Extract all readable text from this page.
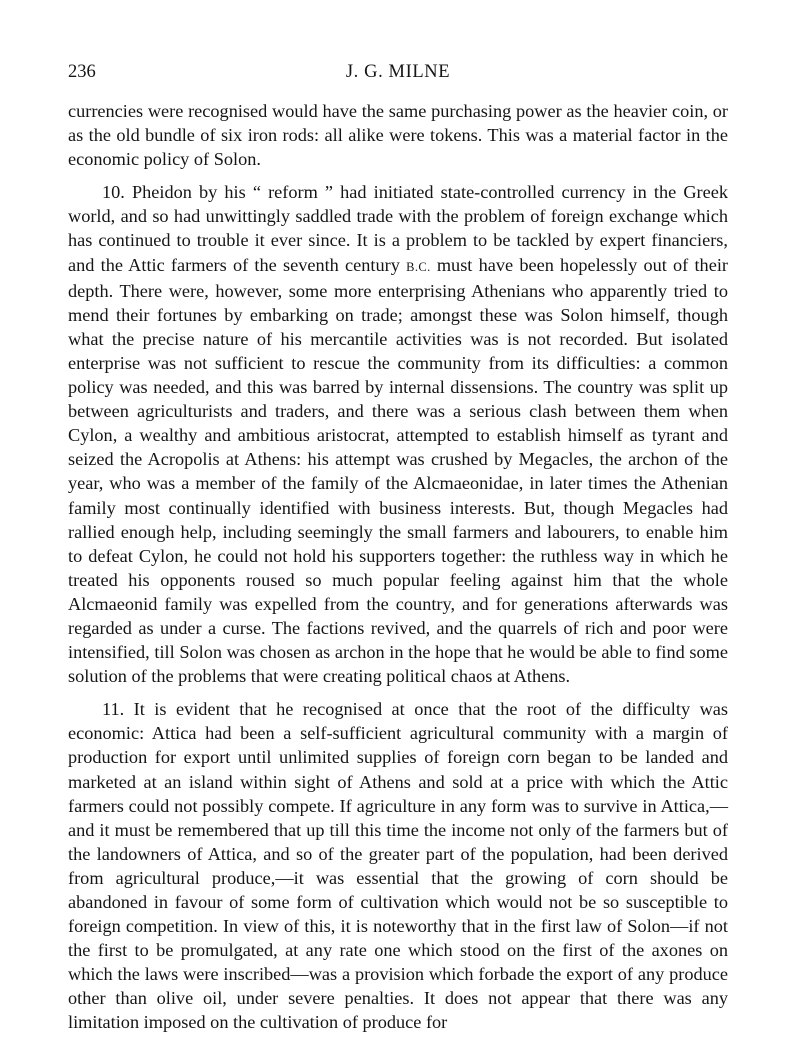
236	J. G. MILNE

currencies were recognised would have the same purchasing power as the heavier coin, or as the old bundle of six iron rods: all alike were tokens. This was a material factor in the economic policy of Solon.

10. Pheidon by his “ reform ” had initiated state-controlled currency in the Greek world, and so had unwittingly saddled trade with the problem of foreign exchange which has continued to trouble it ever since. It is a problem to be tackled by expert financiers, and the Attic farmers of the seventh century B.C. must have been hopelessly out of their depth. There were, however, some more enterprising Athenians who apparently tried to mend their fortunes by embarking on trade; amongst these was Solon himself, though what the precise nature of his mercantile activities was is not recorded. But isolated enterprise was not sufficient to rescue the community from its difficulties: a common policy was needed, and this was barred by internal dissensions. The country was split up between agriculturists and traders, and there was a serious clash between them when Cylon, a wealthy and ambitious aristocrat, attempted to establish himself as tyrant and seized the Acropolis at Athens: his attempt was crushed by Megacles, the archon of the year, who was a member of the family of the Alcmaeonidae, in later times the Athenian family most continually identified with business interests. But, though Megacles had rallied enough help, including seemingly the small farmers and labourers, to enable him to defeat Cylon, he could not hold his supporters together: the ruthless way in which he treated his opponents roused so much popular feeling against him that the whole Alcmaeonid family was expelled from the country, and for generations afterwards was regarded as under a curse. The factions revived, and the quarrels of rich and poor were intensified, till Solon was chosen as archon in the hope that he would be able to find some solution of the problems that were creating political chaos at Athens.

11. It is evident that he recognised at once that the root of the difficulty was economic: Attica had been a self-sufficient agricultural community with a margin of production for export until unlimited supplies of foreign corn began to be landed and marketed at an island within sight of Athens and sold at a price with which the Attic farmers could not possibly compete. If agriculture in any form was to survive in Attica,—and it must be remembered that up till this time the income not only of the farmers but of the landowners of Attica, and so of the greater part of the population, had been derived from agricultural produce,—it was essential that the growing of corn should be abandoned in favour of some form of cultivation which would not be so susceptible to foreign competition. In view of this, it is noteworthy that in the first law of Solon—if not the first to be promulgated, at any rate one which stood on the first of the axones on which the laws were inscribed—was a provision which forbade the export of any produce other than olive oil, under severe penalties. It does not appear that there was any limitation imposed on the cultivation of produce for
